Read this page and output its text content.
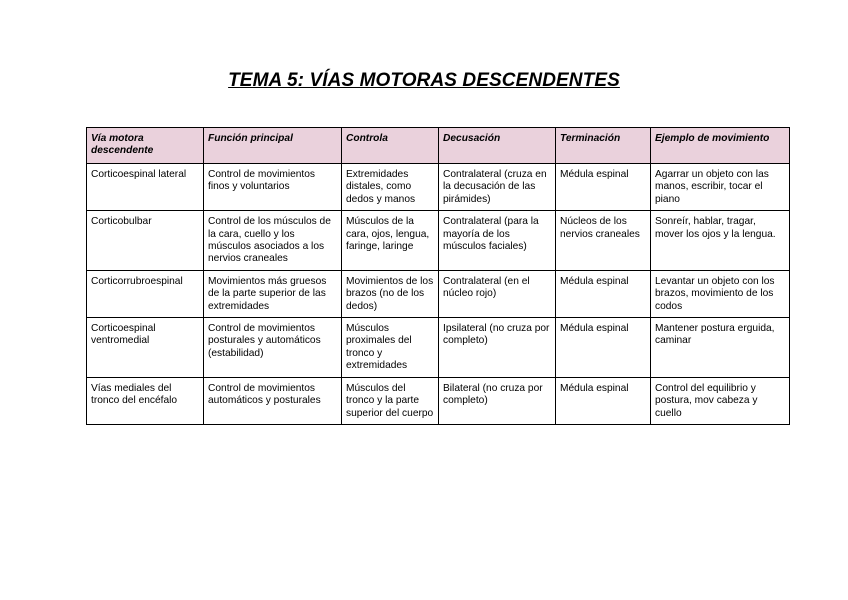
TEMA 5: VÍAS MOTORAS DESCENDENTES
Vía motora descendente	Función principal	Controla	Decusación	Terminación	Ejemplo de movimiento
Corticoespinal lateral	Control de movimientos finos y voluntarios	Extremidades distales, como dedos y manos	Contralateral (cruza en la decusación de las pirámides)	Médula espinal	Agarrar un objeto con las manos, escribir, tocar el piano
Corticobulbar	Control de los músculos de la cara, cuello y los músculos asociados a los nervios craneales	Músculos de la cara, ojos, lengua, faringe, laringe	Contralateral (para la mayoría de los músculos faciales)	Núcleos de los nervios craneales	Sonreír, hablar, tragar, mover los ojos y la lengua.
Corticorrubroespinal	Movimientos más gruesos de la parte superior de las extremidades	Movimientos de los brazos (no de los dedos)	Contralateral (en el núcleo rojo)	Médula espinal	Levantar un objeto con los brazos, movimiento de los codos
Corticoespinal ventromedial	Control de movimientos posturales y automáticos (estabilidad)	Músculos proximales del tronco y extremidades	Ipsilateral (no cruza por completo)	Médula espinal	Mantener postura erguida, caminar
Vías mediales del tronco del encéfalo	Control de movimientos automáticos y posturales	Músculos del tronco y la parte superior del cuerpo	Bilateral (no cruza por completo)	Médula espinal	Control del equilibrio y postura, mov cabeza y cuello
